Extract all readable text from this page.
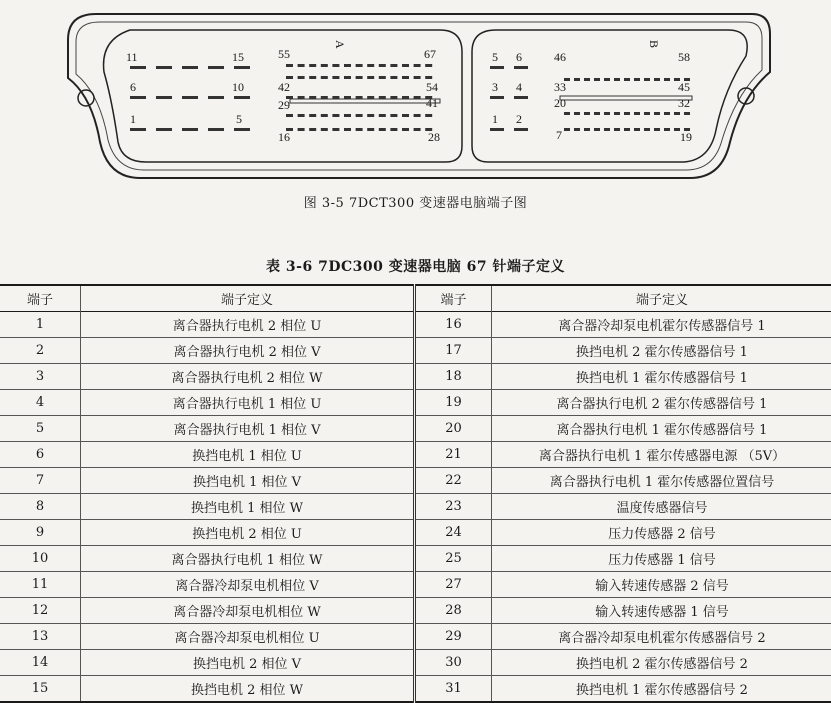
11	15
6	10
1	5
A
55	67
42	54
29	41
16	28
5 6
3 4
1 2
B
46	58
33	45
20	32
7	19
图 3-5 7DCT300 变速器电脑端子图
表 3-6 7DC300 变速器电脑 67 针端子定义
端子	端子定义	端子	端子定义
1	离合器执行电机 2 相位 U	16	离合器冷却泵电机霍尔传感器信号 1
2	离合器执行电机 2 相位 V	17	换挡电机 2 霍尔传感器信号 1
3	离合器执行电机 2 相位 W	18	换挡电机 1 霍尔传感器信号 1
4	离合器执行电机 1 相位 U	19	离合器执行电机 2 霍尔传感器信号 1
5	离合器执行电机 1 相位 V	20	离合器执行电机 1 霍尔传感器信号 1
6	换挡电机 1 相位 U	21	离合器执行电机 1 霍尔传感器电源 （5V）
7	换挡电机 1 相位 V	22	离合器执行电机 1 霍尔传感器位置信号
8	换挡电机 1 相位 W	23	温度传感器信号
9	换挡电机 2 相位 U	24	压力传感器 2 信号
10	离合器执行电机 1 相位 W	25	压力传感器 1 信号
11	离合器冷却泵电机相位 V	27	输入转速传感器 2 信号
12	离合器冷却泵电机相位 W	28	输入转速传感器 1 信号
13	离合器冷却泵电机相位 U	29	离合器冷却泵电机霍尔传感器信号 2
14	换挡电机 2 相位 V	30	换挡电机 2 霍尔传感器信号 2
15	换挡电机 2 相位 W	31	换挡电机 1 霍尔传感器信号 2
